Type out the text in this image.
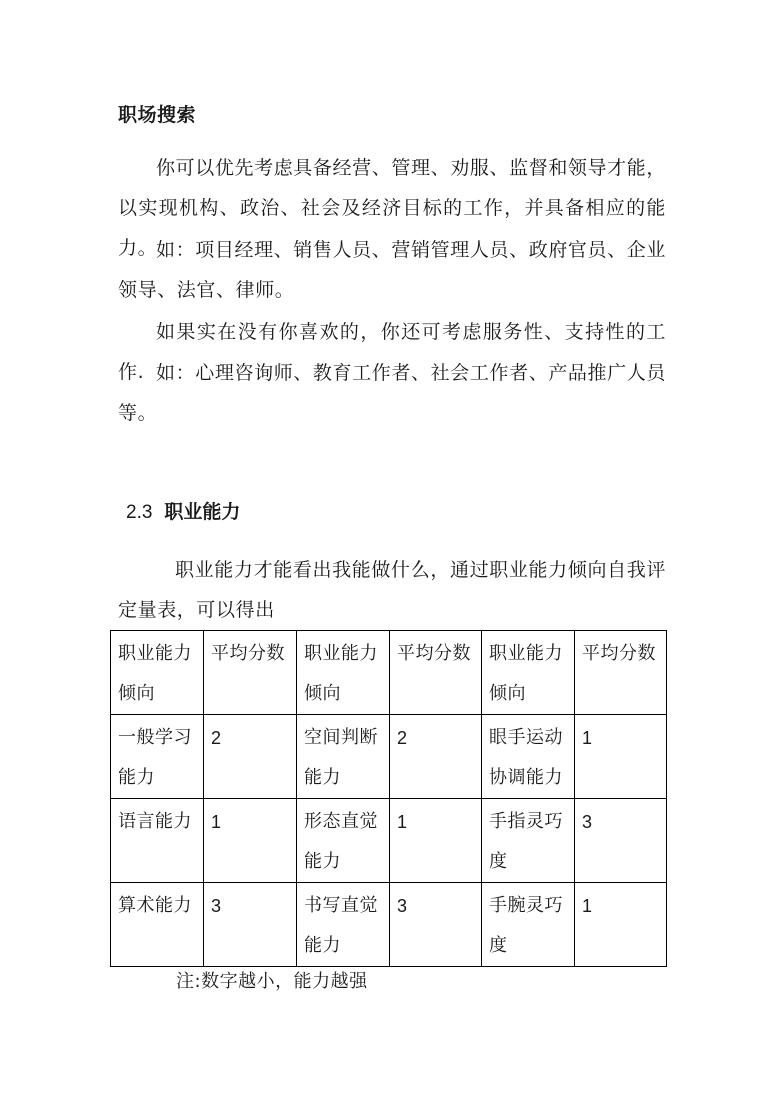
职场搜索
你可以优先考虑具备经营、管理、劝服、监督和领导才能，以实现机构、政治、社会及经济目标的工作，并具备相应的能力。
如：项目经理、销售人员、营销管理人员、政府官员、企业领导、法官、律师。
如果实在没有你喜欢的，你还可考虑服务性、支持性的工作. 如：心理咨询师、教育工作者、社会工作者、产品推广人员等。
2.3 职业能力
职业能力才能看出我能做什么，通过职业能力倾向自我评定量表，可以得出
职业能力倾向	平均分数	职业能力倾向	平均分数	职业能力倾向	平均分数
一般学习能力	2	空间判断能力	2	眼手运动协调能力	1
语言能力	1	形态直觉能力	1	手指灵巧度	3
算术能力	3	书写直觉能力	3	手腕灵巧度	1
注:数字越小，能力越强
